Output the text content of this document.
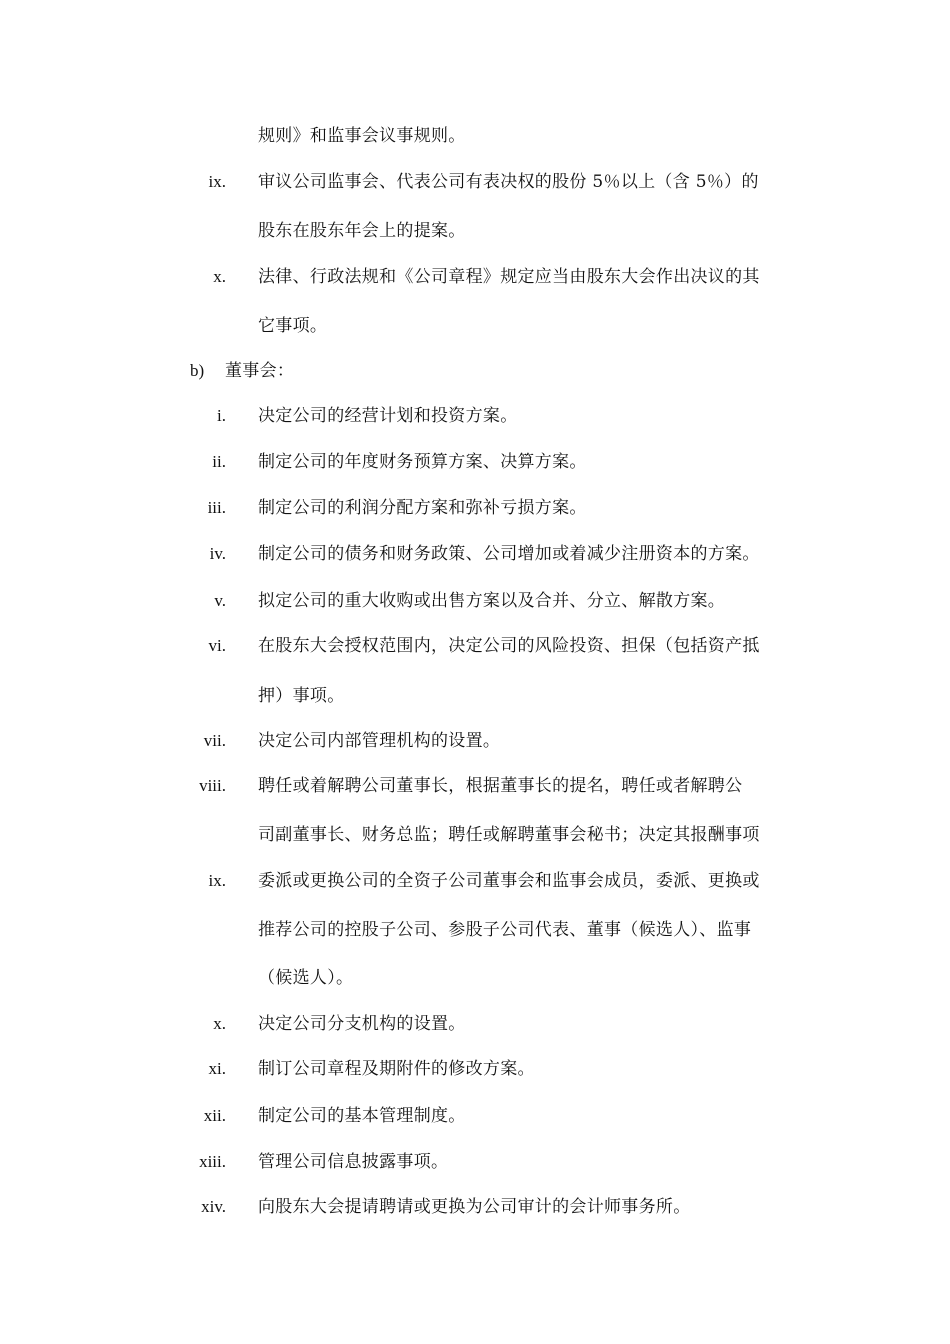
规则》和监事会议事规则。
ix. 审议公司监事会、代表公司有表决权的股份 5％以上（含 5％）的
股东在股东年会上的提案。
x. 法律、行政法规和《公司章程》规定应当由股东大会作出决议的其
它事项。
b) 董事会：
i. 决定公司的经营计划和投资方案。
ii. 制定公司的年度财务预算方案、决算方案。
iii. 制定公司的利润分配方案和弥补亏损方案。
iv. 制定公司的债务和财务政策、公司增加或着减少注册资本的方案。
v. 拟定公司的重大收购或出售方案以及合并、分立、解散方案。
vi. 在股东大会授权范围内，决定公司的风险投资、担保（包括资产抵
押）事项。
vii. 决定公司内部管理机构的设置。
viii. 聘任或着解聘公司董事长，根据董事长的提名，聘任或者解聘公
司副董事长、财务总监；聘任或解聘董事会秘书；决定其报酬事项
ix. 委派或更换公司的全资子公司董事会和监事会成员，委派、更换或
推荐公司的控股子公司、参股子公司代表、董事（候选人）、监事
（候选人）。
x. 决定公司分支机构的设置。
xi. 制订公司章程及期附件的修改方案。
xii. 制定公司的基本管理制度。
xiii. 管理公司信息披露事项。
xiv. 向股东大会提请聘请或更换为公司审计的会计师事务所。
